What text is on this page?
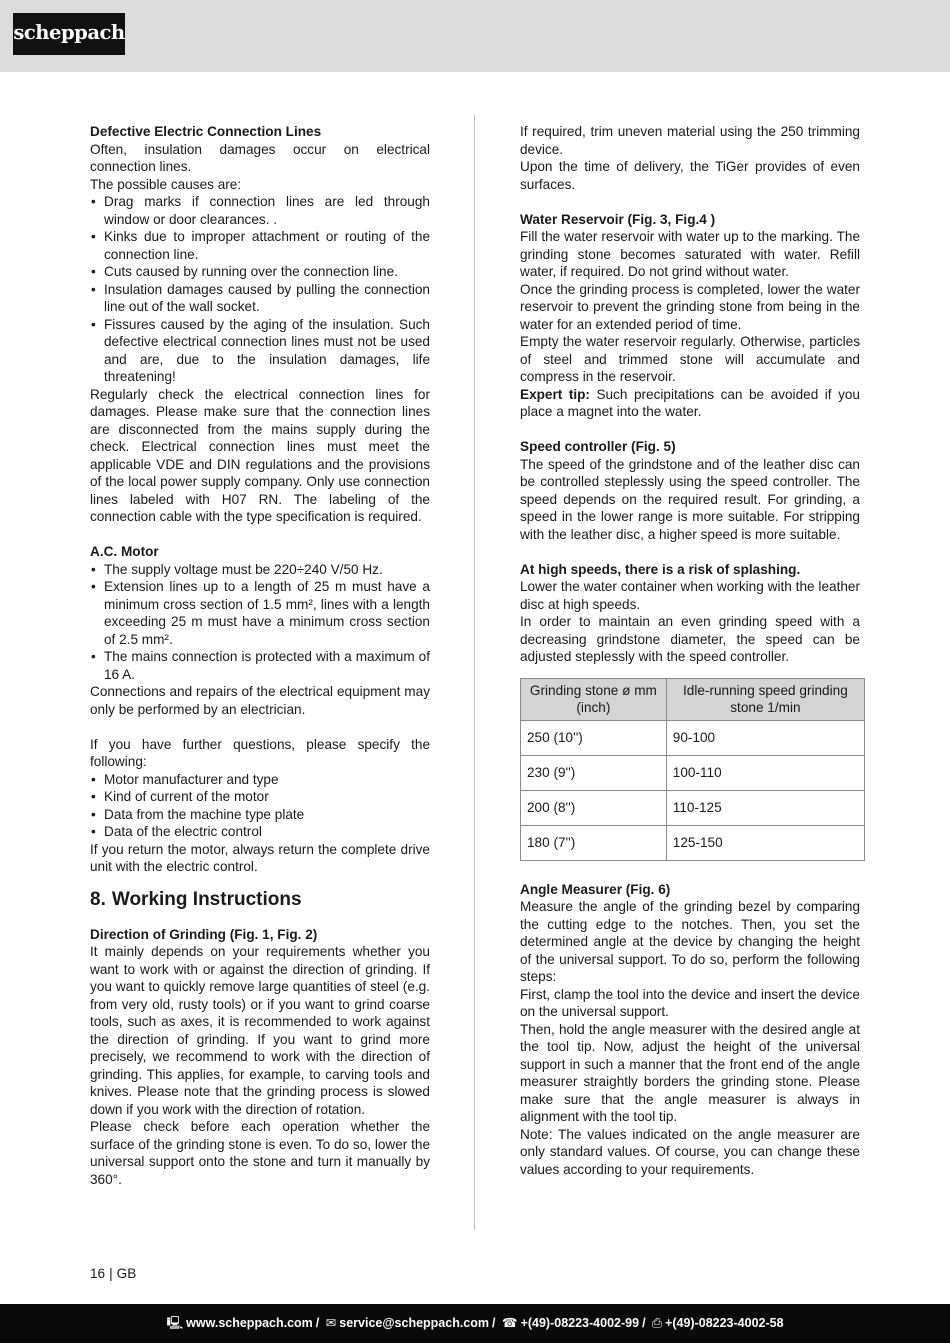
scheppach
Defective Electric Connection Lines

Often, insulation damages occur on electrical connection lines.

The possible causes are:

• Drag marks if connection lines are led through window or door clearances. .
• Kinks due to improper attachment or routing of the connection line.
• Cuts caused by running over the connection line.
• Insulation damages caused by pulling the connection line out of the wall socket.
• Fissures caused by the aging of the insulation. Such defective electrical connection lines must not be used and are, due to the insulation damages, life threatening!

Regularly check the electrical connection lines for damages. Please make sure that the connection lines are disconnected from the mains supply during the check. Electrical connection lines must meet the applicable VDE and DIN regulations and the provisions of the local power supply company. Only use connection lines labeled with H07 RN. The labeling of the connection cable with the type specification is required.

A.C. Motor
• The supply voltage must be 220÷240 V/50 Hz.
• Extension lines up to a length of 25 m must have a minimum cross section of 1.5 mm², lines with a length exceeding 25 m must have a minimum cross section of 2.5 mm².
• The mains connection is protected with a maximum of 16 A.

Connections and repairs of the electrical equipment may only be performed by an electrician.

If you have further questions, please specify the following:

• Motor manufacturer and type
• Kind of current of the motor
• Data from the machine type plate
• Data of the electric control

If you return the motor, always return the complete drive unit with the electric control.

8. Working Instructions
Direction of Grinding (Fig. 1, Fig. 2)

It mainly depends on your requirements whether you want to work with or against the direction of grinding. If you want to quickly remove large quantities of steel (e.g. from very old, rusty tools) or if you want to grind coarse tools, such as axes, it is recommended to work against the direction of grinding. If you want to grind more precisely, we recommend to work with the direction of grinding. This applies, for example, to carving tools and knives. Please note that the grinding process is slowed down if you work with the direction of rotation.

Please check before each operation whether the surface of the grinding stone is even. To do so, lower the universal support onto the stone and turn it manually by 360°.

If required, trim uneven material using the 250 trimming device.

Upon the time of delivery, the TiGer provides of even surfaces.

Water Reservoir (Fig. 3, Fig.4 )

Fill the water reservoir with water up to the marking. The grinding stone becomes saturated with water. Refill water, if required. Do not grind without water.

Once the grinding process is completed, lower the water reservoir to prevent the grinding stone from being in the water for an extended period of time.

Empty the water reservoir regularly. Otherwise, particles of steel and trimmed stone will accumulate and compress in the reservoir.

Expert tip: Such precipitations can be avoided if you place a magnet into the water.

Speed controller (Fig. 5)

The speed of the grindstone and of the leather disc can be controlled steplessly using the speed controller. The speed depends on the required result. For grinding, a speed in the lower range is more suitable. For stripping with the leather disc, a higher speed is more suitable.

At high speeds, there is a risk of splashing.

Lower the water container when working with the leather disc at high speeds.

In order to maintain an even grinding speed with a decreasing grindstone diameter, the speed can be adjusted steplessly with the speed controller.

Grinding stone ø mm (inch)	Idle-running speed grinding stone 1/min
250 (10'')	90-100
230 (9'')	100-110
200 (8'')	110-125
180 (7'')	125-150
Angle Measurer (Fig. 6)

Measure the angle of the grinding bezel by comparing the cutting edge to the notches. Then, you set the determined angle at the device by changing the height of the universal support. To do so, perform the following steps:

First, clamp the tool into the device and insert the device on the universal support.

Then, hold the angle measurer with the desired angle at the tool tip. Now, adjust the height of the universal support in such a manner that the front end of the angle measurer straightly borders the grinding stone. Please make sure that the angle measurer is always in alignment with the tool tip.

Note: The values indicated on the angle measurer are only standard values. Of course, you can change these values according to your requirements.

16 | GB
🖳 www.scheppach.com / ✉ service@scheppach.com / ☎ +(49)-08223-4002-99 / ⎙ +(49)-08223-4002-58
